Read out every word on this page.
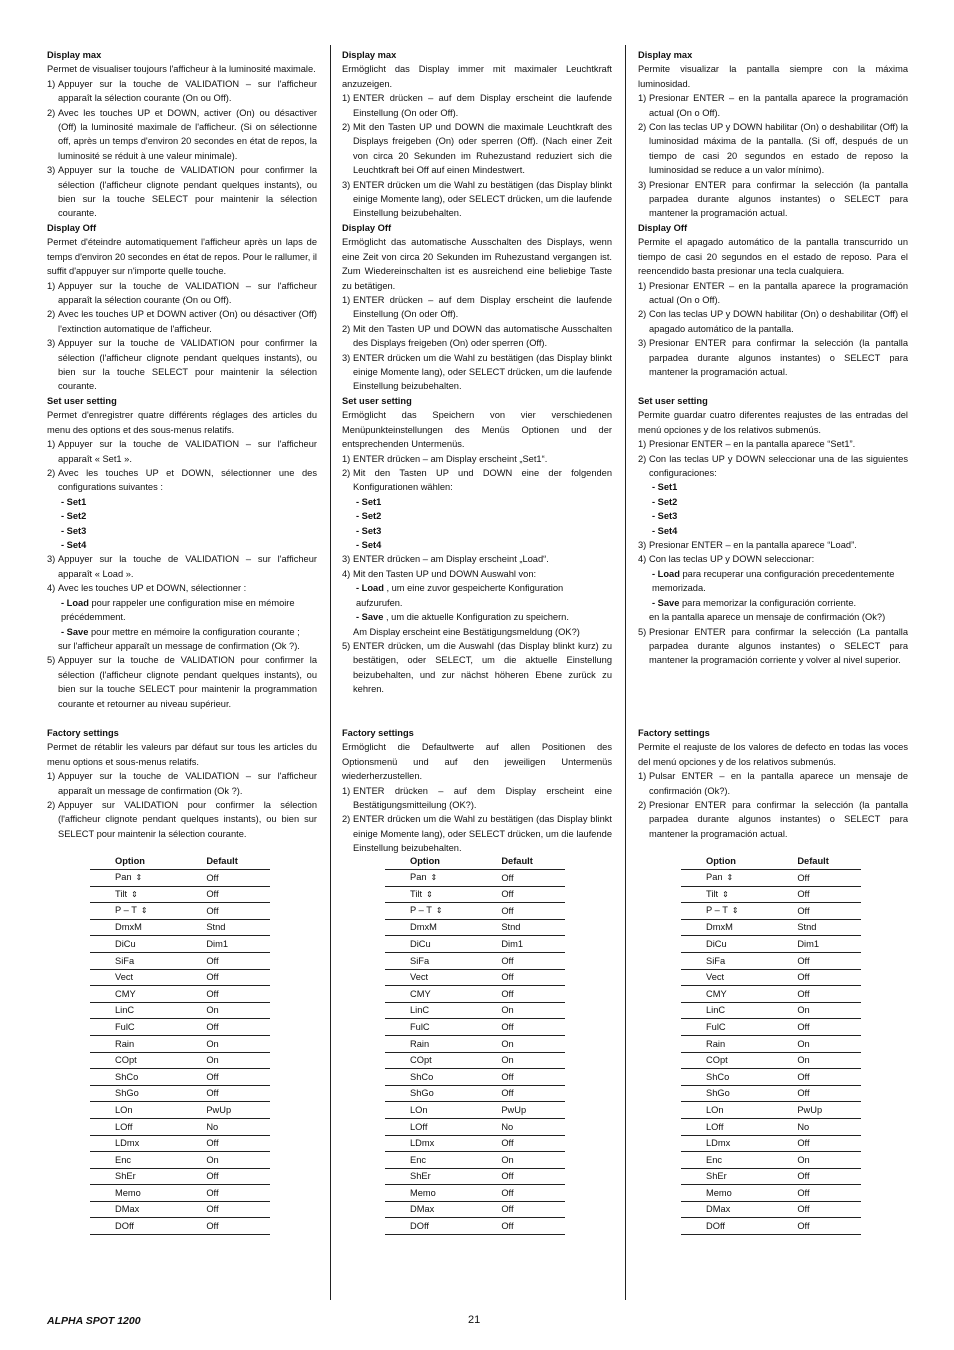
Display max

Permet de visualiser toujours l'afficheur à la luminosité maximale.

1) Appuyer sur la touche de VALIDATION – sur l'afficheur apparaît la sélection courante (On ou Off).
2) Avec les touches UP et DOWN, activer (On) ou désactiver (Off) la luminosité maximale de l'afficheur. (Si on sélectionne off, après un temps d'environ 20 secondes en état de repos, la luminosité se réduit à une valeur minimale).
3) Appuyer sur la touche de VALIDATION pour confirmer la sélection (l'afficheur clignote pendant quelques instants), ou bien sur la touche SELECT pour maintenir la sélection courante.
Display Off

Permet d'éteindre automatiquement l'afficheur après un laps de temps d'environ 20 secondes en état de repos. Pour le rallumer, il suffit d'appuyer sur n'importe quelle touche.

1) Appuyer sur la touche de VALIDATION – sur l'afficheur apparaît la sélection courante (On ou Off).
2) Avec les touches UP et DOWN activer (On) ou désactiver (Off) l'extinction automatique de l'afficheur.
3) Appuyer sur la touche de VALIDATION pour confirmer la sélection (l'afficheur clignote pendant quelques instants), ou bien sur la touche SELECT pour maintenir la sélection courante.
Set user setting

Permet d'enregistrer quatre différents réglages des articles du menu des options et des sous-menus relatifs.

1) Appuyer sur la touche de VALIDATION – sur l'afficheur apparaît « Set1 ».
2) Avec les touches UP et DOWN, sélectionner une des configurations suivantes :
- Set1
- Set2
- Set3
- Set4
3) Appuyer sur la touche de VALIDATION – sur l'afficheur apparaît « Load ».
4) Avec les touches UP et DOWN, sélectionner :
- Load pour rappeler une configuration mise en mémoire précédemment.
- Save pour mettre en mémoire la configuration courante ;
sur l'afficheur apparaît un message de confirmation (Ok ?).
5) Appuyer sur la touche de VALIDATION pour confirmer la sélection (l'afficheur clignote pendant quelques instants), ou bien sur la touche SELECT pour maintenir la programmation courante et retourner au niveau supérieur.
Factory settings

Permet de rétablir les valeurs par défaut sur tous les articles du menu options et sous-menus relatifs.

1) Appuyer sur la touche de VALIDATION – sur l'afficheur apparaît un message de confirmation (Ok ?).
2) Appuyer sur VALIDATION pour confirmer la sélection (l'afficheur clignote pendant quelques instants), ou bien sur SELECT pour maintenir la sélection courante.
Option	Default
Pan ⇕	Off
Tilt ⇕	Off
P – T ⇕	Off
DmxM	Stnd
DiCu	Dim1
SiFa	Off
Vect	Off
CMY	Off
LinC	On
FulC	Off
Rain	On
COpt	On
ShCo	Off
ShGo	Off
LOn	PwUp
LOff	No
LDmx	Off
Enc	On
ShEr	Off
Memo	Off
DMax	Off
DOff	Off
Display max

Ermöglicht das Display immer mit maximaler Leuchtkraft anzuzeigen.

1) ENTER drücken – auf dem Display erscheint die laufende Einstellung (On oder Off).
2) Mit den Tasten UP und DOWN die maximale Leuchtkraft des Displays freigeben (On) oder sperren (Off). (Nach einer Zeit von circa 20 Sekunden im Ruhezustand reduziert sich die Leuchtkraft bei Off auf einen Mindestwert.
3) ENTER drücken um die Wahl zu bestätigen (das Display blinkt einige Momente lang), oder SELECT drücken, um die laufende Einstellung beizubehalten.
Display Off

Ermöglicht das automatische Ausschalten des Displays, wenn eine Zeit von circa 20 Sekunden im Ruhezustand vergangen ist. Zum Wiedereinschalten ist es ausreichend eine beliebige Taste zu betätigen.

1) ENTER drücken – auf dem Display erscheint die laufende Einstellung (On oder Off).
2) Mit den Tasten UP und DOWN das automatische Ausschalten des Displays freigeben (On) oder sperren (Off).
3) ENTER drücken um die Wahl zu bestätigen (das Display blinkt einige Momente lang), oder SELECT drücken, um die laufende Einstellung beizubehalten.
Set user setting

Ermöglicht das Speichern von vier verschiedenen Menüpunkteinstellungen des Menüs Optionen und der entsprechenden Untermenüs.

1) ENTER drücken – am Display erscheint „Set1“.
2) Mit den Tasten UP und DOWN eine der folgenden Konfigurationen wählen:
- Set1
- Set2
- Set3
- Set4
3) ENTER drücken – am Display erscheint „Load“.
4) Mit den Tasten UP und DOWN Auswahl von:
- Load , um eine zuvor gespeicherte Konfiguration aufzurufen.
- Save , um die aktuelle Konfiguration zu speichern.
Am Display erscheint eine Bestätigungsmeldung (OK?)
5) ENTER drücken, um die Auswahl (das Display blinkt kurz) zu bestätigen, oder SELECT, um die aktuelle Einstellung beizubehalten, und zur nächst höheren Ebene zurück zu kehren.
Factory settings

Ermöglicht die Defaultwerte auf allen Positionen des Optionsmenü und auf den jeweiligen Untermenüs wiederherzustellen.

1) ENTER drücken – auf dem Display erscheint eine Bestätigungsmitteilung (OK?).
2) ENTER drücken um die Wahl zu bestätigen (das Display blinkt einige Momente lang), oder SELECT drücken, um die laufende Einstellung beizubehalten.
Option	Default
Pan ⇕	Off
Tilt ⇕	Off
P – T ⇕	Off
DmxM	Stnd
DiCu	Dim1
SiFa	Off
Vect	Off
CMY	Off
LinC	On
FulC	Off
Rain	On
COpt	On
ShCo	Off
ShGo	Off
LOn	PwUp
LOff	No
LDmx	Off
Enc	On
ShEr	Off
Memo	Off
DMax	Off
DOff	Off
Display max

Permite visualizar la pantalla siempre con la máxima luminosidad.

1) Presionar ENTER – en la pantalla aparece la programación actual (On o Off).
2) Con las teclas UP y DOWN habilitar (On) o deshabilitar (Off) la luminosidad máxima de la pantalla. (Si off, después de un tiempo de casi 20 segundos en estado de reposo la luminosidad se reduce a un valor mínimo).
3) Presionar ENTER para confirmar la selección (la pantalla parpadea durante algunos instantes) o SELECT para mantener la programación actual.
Display Off

Permite el apagado automático de la pantalla transcurrido un tiempo de casi 20 segundos en el estado de reposo. Para el reencendido basta presionar una tecla cualquiera.

1) Presionar ENTER – en la pantalla aparece la programación actual (On o Off).
2) Con las teclas UP y DOWN habilitar (On) o deshabilitar (Off) el apagado automático de la pantalla.
3) Presionar ENTER para confirmar la selección (la pantalla parpadea durante algunos instantes) o SELECT para mantener la programación actual.
Set user setting

Permite guardar cuatro diferentes reajustes de las entradas del menú opciones y de los relativos submenús.

1) Presionar ENTER – en la pantalla aparece “Set1”.
2) Con las teclas UP y DOWN seleccionar una de las siguientes configuraciones:
- Set1
- Set2
- Set3
- Set4
3) Presionar ENTER – en la pantalla aparece “Load”.
4) Con las teclas UP y DOWN seleccionar:
- Load para recuperar una configuración precedentemente memorizada.
- Save para memorizar la configuración corriente.
en la pantalla aparece un mensaje de confirmación (Ok?)
5) Presionar ENTER para confirmar la selección (La pantalla parpadea durante algunos instantes) o SELECT para mantener la programación corriente y volver al nivel superior.
Factory settings

Permite el reajuste de los valores de defecto en todas las voces del menú opciones y de los relativos submenús.

1) Pulsar ENTER – en la pantalla aparece un mensaje de confirmación (Ok?).
2) Presionar ENTER para confirmar la selección (la pantalla parpadea durante algunos instantes) o SELECT para mantener la programación actual.
Option	Default
Pan ⇕	Off
Tilt ⇕	Off
P – T ⇕	Off
DmxM	Stnd
DiCu	Dim1
SiFa	Off
Vect	Off
CMY	Off
LinC	On
FulC	Off
Rain	On
COpt	On
ShCo	Off
ShGo	Off
LOn	PwUp
LOff	No
LDmx	Off
Enc	On
ShEr	Off
Memo	Off
DMax	Off
DOff	Off
ALPHA SPOT 1200	21
